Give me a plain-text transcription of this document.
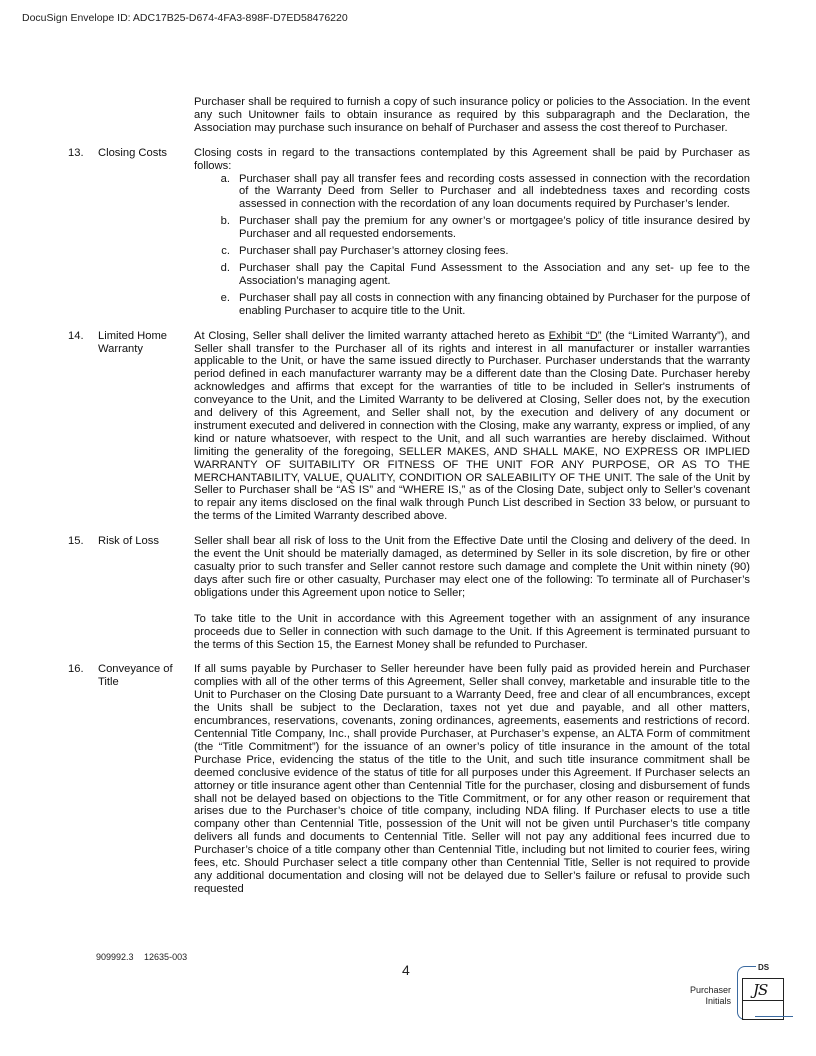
DocuSign Envelope ID: ADC17B25-D674-4FA3-898F-D7ED58476220
Purchaser shall be required to furnish a copy of such insurance policy or policies to the Association. In the event any such Unitowner fails to obtain insurance as required by this subparagraph and the Declaration, the Association may purchase such insurance on behalf of Purchaser and assess the cost thereof to Purchaser.
13.	Closing Costs	Closing costs in regard to the transactions contemplated by this Agreement shall be paid by Purchaser as follows:

a. Purchaser shall pay all transfer fees and recording costs assessed in connection with the recordation of the Warranty Deed from Seller to Purchaser and all indebtedness taxes and recording costs assessed in connection with the recordation of any loan documents required by Purchaser’s lender.
b. Purchaser shall pay the premium for any owner’s or mortgagee’s policy of title insurance desired by Purchaser and all requested endorsements.
c. Purchaser shall pay Purchaser’s attorney closing fees.
d. Purchaser shall pay the Capital Fund Assessment to the Association and any set- up fee to the Association’s managing agent.
e. Purchaser shall pay all costs in connection with any financing obtained by Purchaser for the purpose of enabling Purchaser to acquire title to the Unit.
14.	Limited Home Warranty

At Closing, Seller shall deliver the limited warranty attached hereto as Exhibit “D” (the “Limited Warranty”), and Seller shall transfer to the Purchaser all of its rights and interest in all manufacturer or installer warranties applicable to the Unit, or have the same issued directly to Purchaser. Purchaser understands that the warranty period defined in each manufacturer warranty may be a different date than the Closing Date. Purchaser hereby acknowledges and affirms that except for the warranties of title to be included in Seller's instruments of conveyance to the Unit, and the Limited Warranty to be delivered at Closing, Seller does not, by the execution and delivery of this Agreement, and Seller shall not, by the execution and delivery of any document or instrument executed and delivered in connection with the Closing, make any warranty, express or implied, of any kind or nature whatsoever, with respect to the Unit, and all such warranties are hereby disclaimed. Without limiting the generality of the foregoing, SELLER MAKES, AND SHALL MAKE, NO EXPRESS OR IMPLIED WARRANTY OF SUITABILITY OR FITNESS OF THE UNIT FOR ANY PURPOSE, OR AS TO THE MERCHANTABILITY, VALUE, QUALITY, CONDITION OR SALEABILITY OF THE UNIT. The sale of the Unit by Seller to Purchaser shall be “AS IS” and “WHERE IS,” as of the Closing Date, subject only to Seller’s covenant to repair any items disclosed on the final walk through Punch List described in Section 33 below, or pursuant to the terms of the Limited Warranty described above.

15.	Risk of Loss	Seller shall bear all risk of loss to the Unit from the Effective Date until the Closing and delivery of the deed. In the event the Unit should be materially damaged, as determined by Seller in its sole discretion, by fire or other casualty prior to such transfer and Seller cannot restore such damage and complete the Unit within ninety (90) days after such fire or other casualty, Purchaser may elect one of the following: To terminate all of Purchaser’s obligations under this Agreement upon notice to Seller;

To take title to the Unit in accordance with this Agreement together with an assignment of any insurance proceeds due to Seller in connection with such damage to the Unit. If this Agreement is terminated pursuant to the terms of this Section 15, the Earnest Money shall be refunded to Purchaser.

16.	Conveyance of Title

If all sums payable by Purchaser to Seller hereunder have been fully paid as provided herein and Purchaser complies with all of the other terms of this Agreement, Seller shall convey, marketable and insurable title to the Unit to Purchaser on the Closing Date pursuant to a Warranty Deed, free and clear of all encumbrances, except the Units shall be subject to the Declaration, taxes not yet due and payable, and all other matters, encumbrances, reservations, covenants, zoning ordinances, agreements, easements and restrictions of record. Centennial Title Company, Inc., shall provide Purchaser, at Purchaser’s expense, an ALTA Form of commitment (the “Title Commitment”) for the issuance of an owner’s policy of title insurance in the amount of the total Purchase Price, evidencing the status of the title to the Unit, and such title insurance commitment shall be deemed conclusive evidence of the status of title for all purposes under this Agreement. If Purchaser selects an attorney or title insurance agent other than Centennial Title for the purchaser, closing and disbursement of funds shall not be delayed based on objections to the Title Commitment, or for any other reason or requirement that arises due to the Purchaser’s choice of title company, including NDA filing. If Purchaser elects to use a title company other than Centennial Title, possession of the Unit will not be given until Purchaser’s title company delivers all funds and documents to Centennial Title. Seller will not pay any additional fees incurred due to Purchaser’s choice of a title company other than Centennial Title, including but not limited to courier fees, wiring fees, etc. Should Purchaser select a title company other than Centennial Title, Seller is not required to provide any additional documentation and closing will not be delayed due to Seller’s failure or refusal to provide such requested

909992.3 12635-003
4
Purchaser
Initials
DS
JS
